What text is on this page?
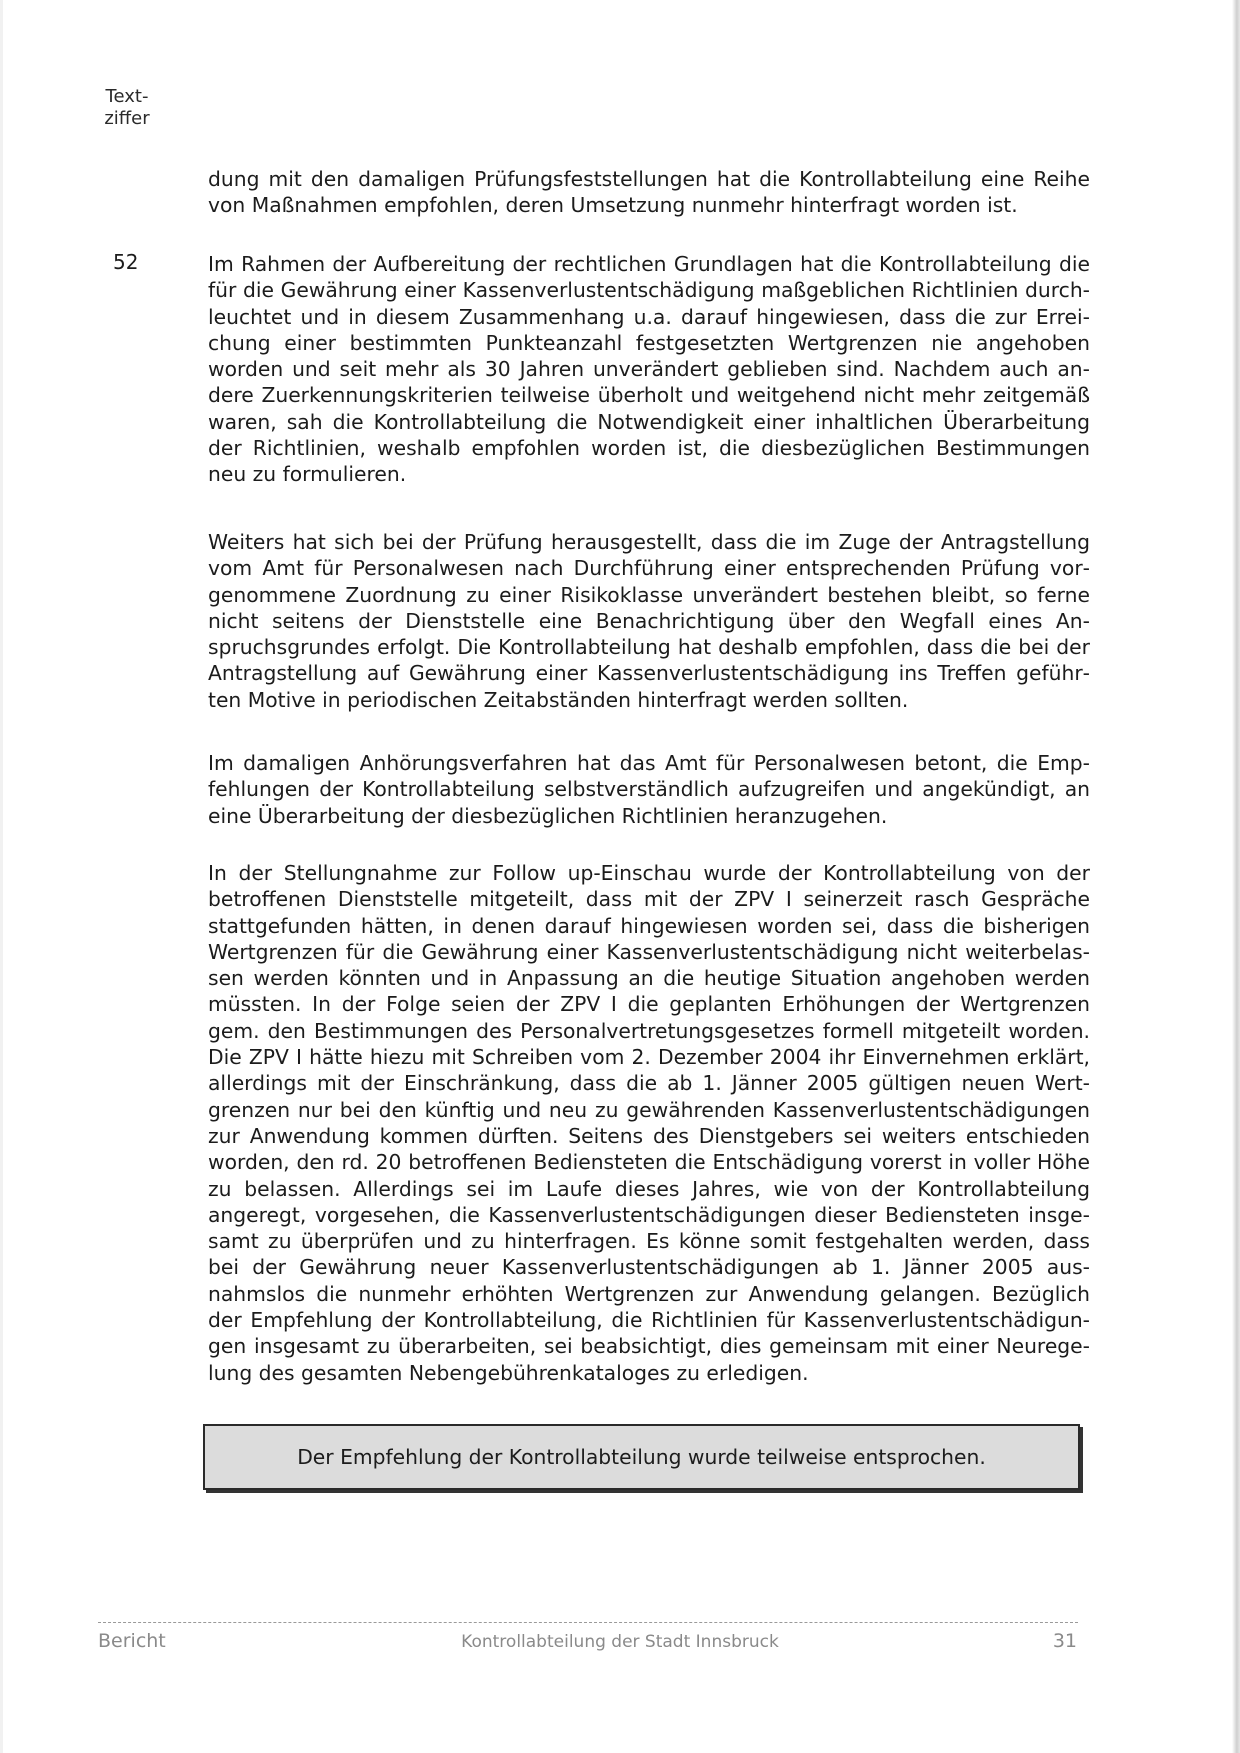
Text-
ziffer
52

dung mit den damaligen Prüfungsfeststellungen hat die Kontrollabteilung eine Reihe von Maßnahmen empfohlen, deren Umsetzung nunmehr hinterfragt worden ist.

Im Rahmen der Aufbereitung der rechtlichen Grundlagen hat die Kontrollabteilung die für die Gewährung einer Kassenverlustentschädigung maßgeblichen Richtlinien durchleuchtet und in diesem Zusammenhang u.a. darauf hingewiesen, dass die zur Erreichung einer bestimmten Punkteanzahl festgesetzten Wertgrenzen nie angehoben worden und seit mehr als 30 Jahren unverändert geblieben sind. Nachdem auch andere Zuerkennungskriterien teilweise überholt und weitgehend nicht mehr zeitgemäß waren, sah die Kontrollabteilung die Notwendigkeit einer inhaltlichen Überarbeitung der Richtlinien, weshalb empfohlen worden ist, die diesbezüglichen Bestimmungen neu zu formulieren.

Weiters hat sich bei der Prüfung herausgestellt, dass die im Zuge der Antragstellung vom Amt für Personalwesen nach Durchführung einer entsprechenden Prüfung vorgenommene Zuordnung zu einer Risikoklasse unverändert bestehen bleibt, so ferne nicht seitens der Dienststelle eine Benachrichtigung über den Wegfall eines Anspruchsgrundes erfolgt. Die Kontrollabteilung hat deshalb empfohlen, dass die bei der Antragstellung auf Gewährung einer Kassenverlustentschädigung ins Treffen geführten Motive in periodischen Zeitabständen hinterfragt werden sollten.

Im damaligen Anhörungsverfahren hat das Amt für Personalwesen betont, die Empfehlungen der Kontrollabteilung selbstverständlich aufzugreifen und angekündigt, an eine Überarbeitung der diesbezüglichen Richtlinien heranzugehen.

In der Stellungnahme zur Follow up-Einschau wurde der Kontrollabteilung von der betroffenen Dienststelle mitgeteilt, dass mit der ZPV I seinerzeit rasch Gespräche stattgefunden hätten, in denen darauf hingewiesen worden sei, dass die bisherigen Wertgrenzen für die Gewährung einer Kassenverlustentschädigung nicht weiterbelassen werden könnten und in Anpassung an die heutige Situation angehoben werden müssten. In der Folge seien der ZPV I die geplanten Erhöhungen der Wertgrenzen gem. den Bestimmungen des Personalvertretungsgesetzes formell mitgeteilt worden. Die ZPV I hätte hiezu mit Schreiben vom 2. Dezember 2004 ihr Einvernehmen erklärt, allerdings mit der Einschränkung, dass die ab 1. Jänner 2005 gültigen neuen Wertgrenzen nur bei den künftig und neu zu gewährenden Kassenverlustentschädigungen zur Anwendung kommen dürften. Seitens des Dienstgebers sei weiters entschieden worden, den rd. 20 betroffenen Bediensteten die Entschädigung vorerst in voller Höhe zu belassen. Allerdings sei im Laufe dieses Jahres, wie von der Kontrollabteilung angeregt, vorgesehen, die Kassenverlustentschädigungen dieser Bediensteten insgesamt zu überprüfen und zu hinterfragen. Es könne somit festgehalten werden, dass bei der Gewährung neuer Kassenverlustentschädigungen ab 1. Jänner 2005 ausnahmslos die nunmehr erhöhten Wertgrenzen zur Anwendung gelangen. Bezüglich der Empfehlung der Kontrollabteilung, die Richtlinien für Kassenverlustentschädigungen insgesamt zu überarbeiten, sei beabsichtigt, dies gemeinsam mit einer Neuregelung des gesamten Nebengebührenkataloges zu erledigen.

Der Empfehlung der Kontrollabteilung wurde teilweise entsprochen.
Bericht	Kontrollabteilung der Stadt Innsbruck	31
